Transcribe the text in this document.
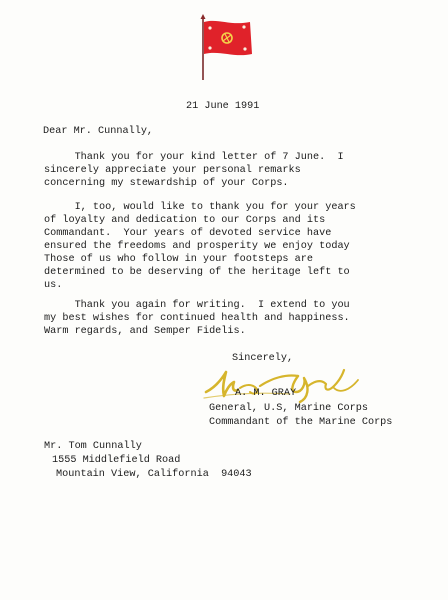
21 June 1991
Dear Mr. Cunnally,
Thank you for your kind letter of 7 June.  I
sincerely appreciate your personal remarks
concerning my stewardship of your Corps.
I, too, would like to thank you for your years
of loyalty and dedication to our Corps and its
Commandant.  Your years of devoted service have
ensured the freedoms and prosperity we enjoy today
Those of us who follow in your footsteps are
determined to be deserving of the heritage left to
us.
Thank you again for writing.  I extend to you
my best wishes for continued health and happiness.
Warm regards, and Semper Fidelis.
Sincerely,
A. M. GRAY
General, U.S, Marine Corps
Commandant of the Marine Corps
Mr. Tom Cunnally
1555 Middlefield Road
Mountain View, California  94043
